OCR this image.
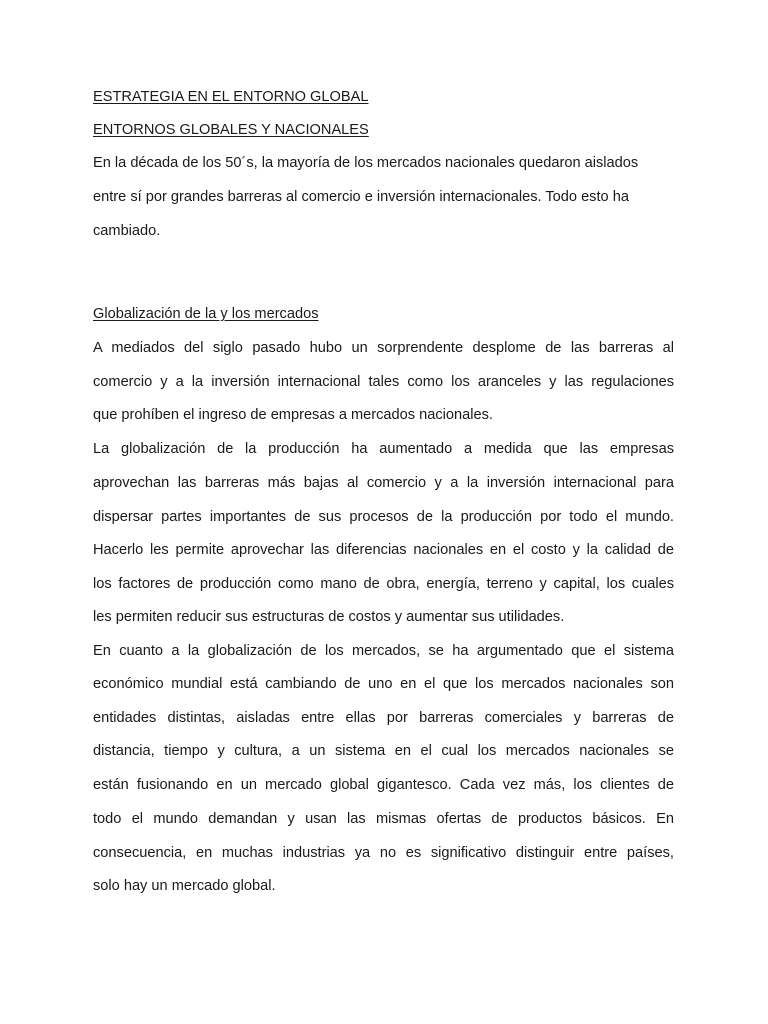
ESTRATEGIA EN EL ENTORNO GLOBAL
ENTORNOS GLOBALES Y NACIONALES
En la década de los 50´s, la mayoría de los mercados nacionales quedaron aislados
entre sí por grandes barreras al comercio e inversión internacionales. Todo esto ha
cambiado.
Globalización de la y los mercados
A mediados del siglo pasado hubo un sorprendente desplome de las barreras al
comercio y a la inversión internacional tales como los aranceles y las regulaciones
que prohíben el ingreso de empresas a mercados nacionales.
La globalización de la producción ha aumentado a medida que las empresas
aprovechan las barreras más bajas al comercio y a la inversión internacional para
dispersar partes importantes de sus procesos de la producción por todo el mundo.
Hacerlo les permite aprovechar las diferencias nacionales en el costo y la calidad de
los factores de producción como mano de obra, energía, terreno y capital, los cuales
les permiten reducir sus estructuras de costos y aumentar sus utilidades.
En cuanto a la globalización de los mercados, se ha argumentado que el sistema
económico mundial está cambiando de uno en el que los mercados nacionales son
entidades distintas, aisladas entre ellas por barreras comerciales y barreras de
distancia, tiempo y cultura, a un sistema en el cual los mercados nacionales se
están fusionando en un mercado global gigantesco. Cada vez más, los clientes de
todo el mundo demandan y usan las mismas ofertas de productos básicos. En
consecuencia, en muchas industrias ya no es significativo distinguir entre países,
solo hay un mercado global.
